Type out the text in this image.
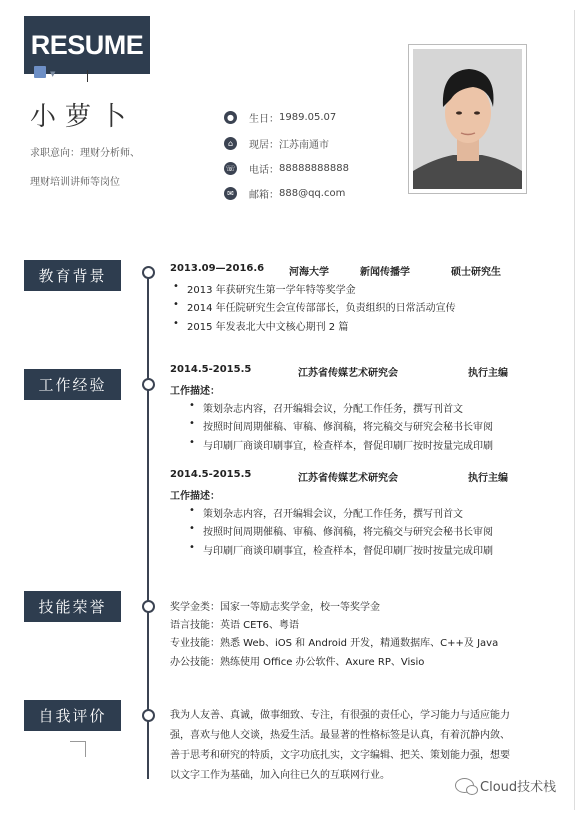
RESUME
▼
小萝卜
求职意向：理财分析师、
理财培训讲师等岗位
●	生日： 1989.05.07
⌂	现居： 江苏南通市
☏ 电话： 88888888888
✉	邮箱： 888@qq.com
教育背景
工作经验
技能荣誉
自我评价
2013.09—2016.6 河海大学	新闻传播学	硕士研究生
• 2013 年获研究生第一学年特等奖学金
• 2014 年任院研究生会宣传部部长，负责组织的日常活动宣传
• 2015 年发表北大中文核心期刊 2 篇
2014.5-2015.5	江苏省传媒艺术研究会	执行主编
工作描述：
• 策划杂志内容，召开编辑会议，分配工作任务，撰写刊首文
• 按照时间周期催稿、审稿、修润稿，将完稿交与研究会秘书长审阅
• 与印刷厂商谈印刷事宜，检查样本，督促印刷厂按时按量完成印刷
2014.5-2015.5	江苏省传媒艺术研究会	执行主编
工作描述：
• 策划杂志内容，召开编辑会议，分配工作任务，撰写刊首文
• 按照时间周期催稿、审稿、修润稿，将完稿交与研究会秘书长审阅
• 与印刷厂商谈印刷事宜，检查样本，督促印刷厂按时按量完成印刷
奖学金类：国家一等励志奖学金，校一等奖学金
语言技能：英语 CET6、粤语
专业技能：熟悉 Web、iOS 和 Android 开发，精通数据库、C++及 Java
办公技能：熟练使用 Office 办公软件、Axure RP、Visio
我为人友善、真诚，做事细致、专注，有很强的责任心，学习能力与适应能力强，喜欢与他人交谈，热爱生活。最显著的性格标签是认真，有着沉静内敛、善于思考和研究的特质，文字功底扎实，文字编辑、把关、策划能力强，想要以文字工作为基础，加入向往已久的互联网行业。
Cloud技术栈
